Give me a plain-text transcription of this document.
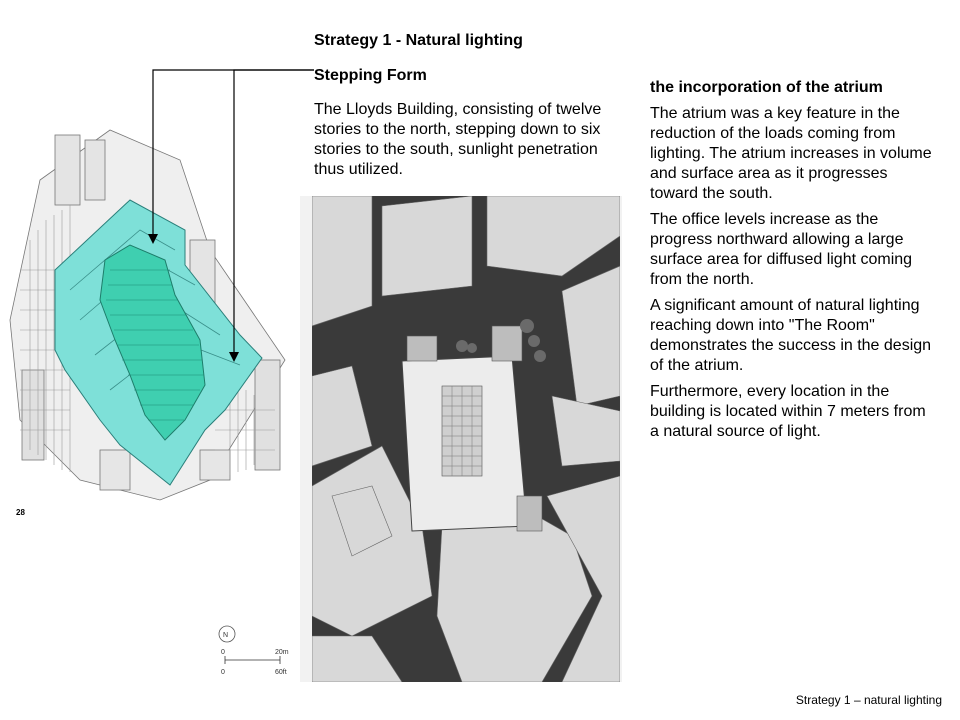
28
N
0	20m
0	60ft
Strategy 1 - Natural lighting
Stepping Form
The Lloyds Building, consisting of twelve stories to the north, stepping down to six stories to the south, sunlight penetration thus utilized.

the incorporation of the atrium

The atrium was a key feature in the reduction of the loads coming from lighting. The atrium increases in volume and surface area as it progresses toward the south.

The office levels increase as the progress northward allowing a large surface area for diffused light coming from the north.

A significant amount of natural lighting reaching down into "The Room" demonstrates the success in the design of the atrium.

Furthermore, every location in the building is located within 7 meters from a natural source of light.

Strategy 1 – natural lighting
